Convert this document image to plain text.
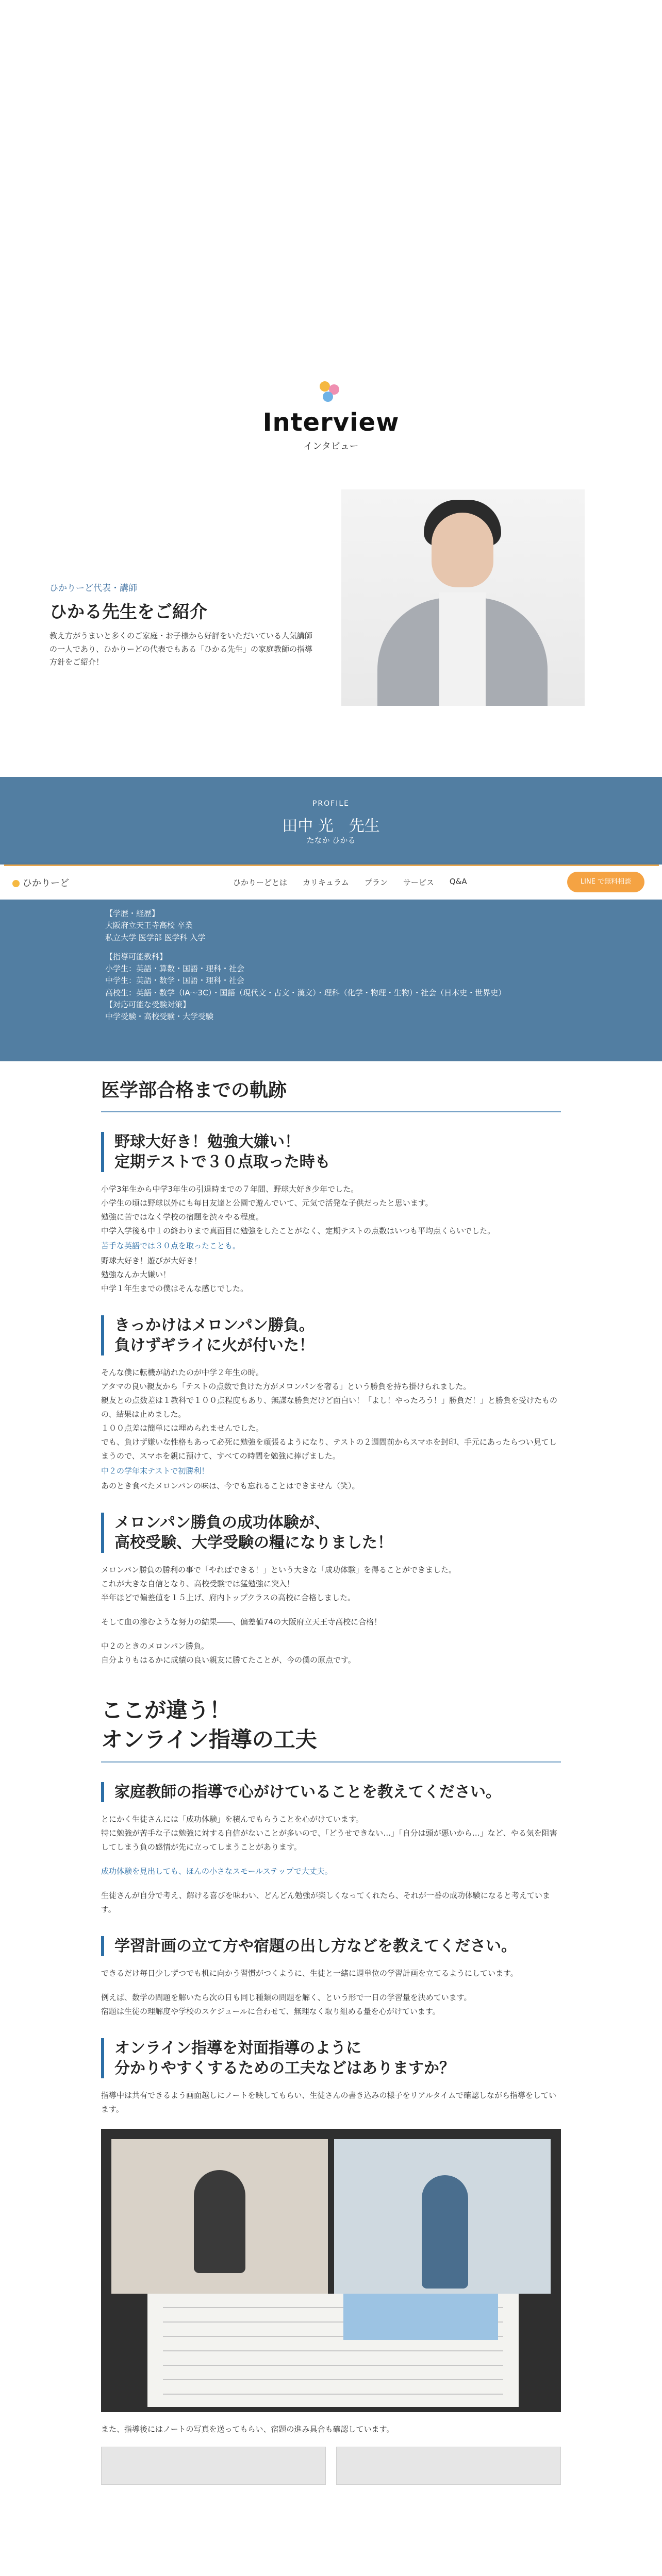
Interview
インタビュー
ひかりーど代表・講師
ひかる先生をご紹介
教え方がうまいと多くのご家庭・お子様から好評をいただいている人気講師の一人であり、ひかりーどの代表でもある「ひかる先生」の家庭教師の指導方針をご紹介！
PROFILE
田中 光　先生
たなか ひかる
ひかりーど	ひかりーどとは カリキュラム プラン サービス Q&A	LINE で無料相談
【学歴・経歴】
大阪府立天王寺高校 卒業
私立大学 医学部 医学科 入学
【指導可能教科】
小学生：英語・算数・国語・理科・社会
中学生：英語・数学・国語・理科・社会
高校生：英語・数学（IA〜3C）・国語（現代文・古文・漢文）・理科（化学・物理・生物）・社会（日本史・世界史）
【対応可能な受験対策】
中学受験・高校受験・大学受験
医学部合格までの軌跡
野球大好き！勉強大嫌い！
定期テストで３０点取った時も
小学3年生から中学3年生の引退時までの７年間、野球大好き少年でした。
小学生の頃は野球以外にも毎日友達と公園で遊んでいて、元気で活発な子供だったと思います。
勉強に苦ではなく学校の宿題を渋々やる程度。
中学入学後も中１の終わりまで真面目に勉強をしたことがなく、定期テストの点数はいつも平均点くらいでした。
苦手な英語では３０点を取ったことも。
野球大好き！遊びが大好き！
勉強なんか大嫌い！
中学１年生までの僕はそんな感じでした。
きっかけはメロンパン勝負。
負けずギライに火が付いた！
そんな僕に転機が訪れたのが中学２年生の時。
アタマの良い親友から「テストの点数で負けた方がメロンパンを奢る」という勝負を持ち掛けられました。
親友との点数差は１教科で１００点程度もあり、無謀な勝負だけど面白い！「よし！やったろう！」勝負だ！」と勝負を受けたものの、結果は止めました。
１００点差は簡単には埋められませんでした。
でも、負けず嫌いな性格もあって必死に勉強を頑張るようになり、テストの２週間前からスマホを封印、手元にあったらつい見てしまうので、スマホを親に預けて、すべての時間を勉強に捧げました。
中２の学年末テストで初勝利！
あのとき食べたメロンパンの味は、今でも忘れることはできません（笑）。
メロンパン勝負の成功体験が、
高校受験、大学受験の糧になりました！
メロンパン勝負の勝利の事で「やればできる！」という大きな「成功体験」を得ることができました。
これが大きな自信となり、高校受験では猛勉強に突入！
半年ほどで偏差値を１５上げ、府内トップクラスの高校に合格しました。
そして血の滲むような努力の結果――、偏差値74の大阪府立天王寺高校に合格！
中２のときのメロンパン勝負。
自分よりもはるかに成績の良い親友に勝てたことが、今の僕の原点です。
ここが違う！
オンライン指導の工夫
家庭教師の指導で心がけていることを教えてください。
とにかく生徒さんには「成功体験」を積んでもらうことを心がけています。
特に勉強が苦手な子は勉強に対する自信がないことが多いので、「どうせできない…」「自分は頭が悪いから…」など、やる気を阻害してしまう負の感情が先に立ってしまうことがあります。
成功体験を見出しても、ほんの小さなスモールステップで大丈夫。
生徒さんが自分で考え、解ける喜びを味わい、どんどん勉強が楽しくなってくれたら、それが一番の成功体験になると考えています。
学習計画の立て方や宿題の出し方などを教えてください。
できるだけ毎日少しずつでも机に向かう習慣がつくように、生徒と一緒に週単位の学習計画を立てるようにしています。
例えば、数学の問題を解いたら次の日も同じ種類の問題を解く、という形で一日の学習量を決めています。
宿題は生徒の理解度や学校のスケジュールに合わせて、無理なく取り組める量を心がけています。
オンライン指導を対面指導のように
分かりやすくするための工夫などはありますか？
指導中は共有できるよう画面越しにノートを映してもらい、生徒さんの書き込みの様子をリアルタイムで確認しながら指導をしています。
また、指導後にはノートの写真を送ってもらい、宿題の進み具合も確認しています。
